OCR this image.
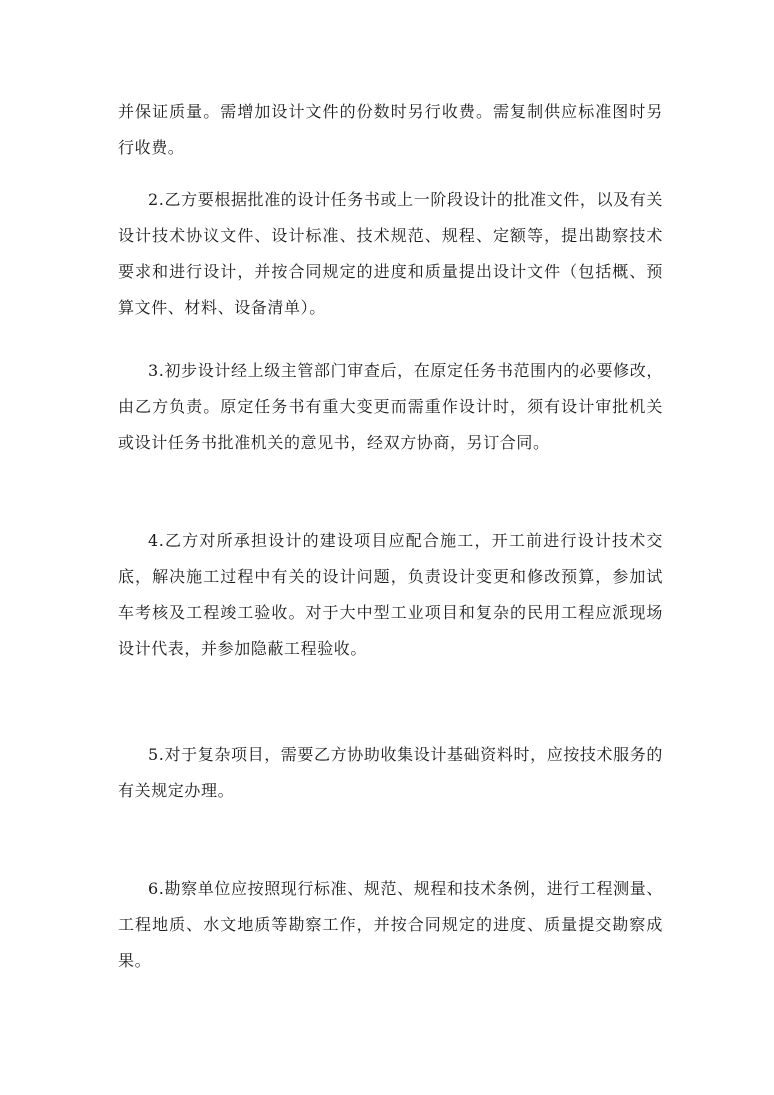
并保证质量。需增加设计文件的份数时另行收费。需复制供应标准图时另行收费。

2.乙方要根据批准的设计任务书或上一阶段设计的批准文件，以及有关设计技术协议文件、设计标准、技术规范、规程、定额等，提出勘察技术要求和进行设计，并按合同规定的进度和质量提出设计文件（包括概、预算文件、材料、设备清单）。

3.初步设计经上级主管部门审查后，在原定任务书范围内的必要修改，由乙方负责。原定任务书有重大变更而需重作设计时，须有设计审批机关或设计任务书批准机关的意见书，经双方协商，另订合同。

4.乙方对所承担设计的建设项目应配合施工，开工前进行设计技术交底，解决施工过程中有关的设计问题，负责设计变更和修改预算，参加试车考核及工程竣工验收。对于大中型工业项目和复杂的民用工程应派现场设计代表，并参加隐蔽工程验收。

5.对于复杂项目，需要乙方协助收集设计基础资料时，应按技术服务的有关规定办理。

6.勘察单位应按照现行标准、规范、规程和技术条例，进行工程测量、工程地质、水文地质等勘察工作，并按合同规定的进度、质量提交勘察成果。
